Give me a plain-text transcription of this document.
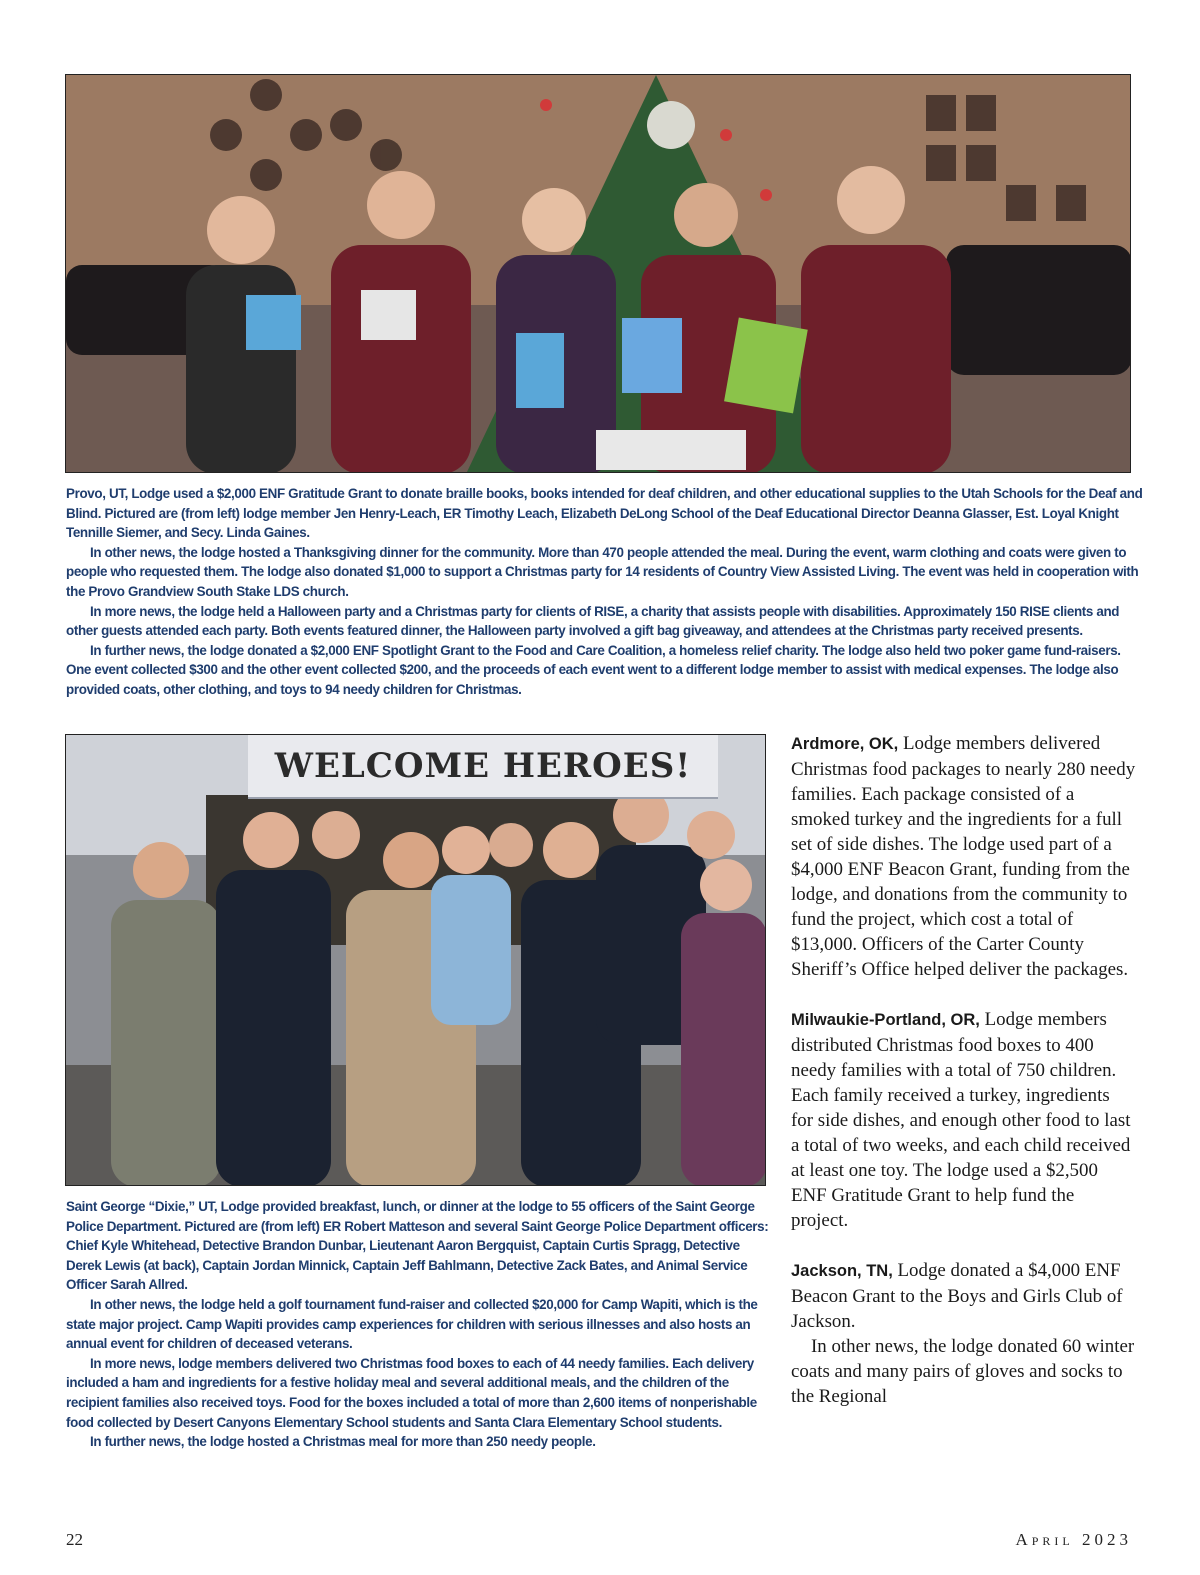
Provo, UT, Lodge used a $2,000 ENF Gratitude Grant to donate braille books, books intended for deaf children, and other educational supplies to the Utah Schools for the Deaf and Blind. Pictured are (from left) lodge member Jen Henry-Leach, ER Timothy Leach, Elizabeth DeLong School of the Deaf Educational Director Deanna Glasser, Est. Loyal Knight Tennille Siemer, and Secy. Linda Gaines.

In other news, the lodge hosted a Thanksgiving dinner for the community. More than 470 people attended the meal. During the event, warm clothing and coats were given to people who requested them. The lodge also donated $1,000 to support a Christmas party for 14 residents of Country View Assisted Living. The event was held in cooperation with the Provo Grandview South Stake LDS church.

In more news, the lodge held a Halloween party and a Christmas party for clients of RISE, a charity that assists people with disabilities. Approximately 150 RISE clients and other guests attended each party. Both events featured dinner, the Halloween party involved a gift bag giveaway, and attendees at the Christmas party received presents.

In further news, the lodge donated a $2,000 ENF Spotlight Grant to the Food and Care Coalition, a homeless relief charity. The lodge also held two poker game fund-raisers. One event collected $300 and the other event collected $200, and the proceeds of each event went to a different lodge member to assist with medical expenses. The lodge also provided coats, other clothing, and toys to 94 needy children for Christmas.

WELCOME HEROES!

Saint George “Dixie,” UT, Lodge provided breakfast, lunch, or dinner at the lodge to 55 officers of the Saint George Police Department. Pictured are (from left) ER Robert Matteson and several Saint George Police Department officers: Chief Kyle Whitehead, Detective Brandon Dunbar, Lieutenant Aaron Bergquist, Captain Curtis Spragg, Detective Derek Lewis (at back), Captain Jordan Minnick, Captain Jeff Bahlmann, Detective Zack Bates, and Animal Service Officer Sarah Allred.

In other news, the lodge held a golf tournament fund-raiser and collected $20,000 for Camp Wapiti, which is the state major project. Camp Wapiti provides camp experiences for children with serious illnesses and also hosts an annual event for children of deceased veterans.

In more news, lodge members delivered two Christmas food boxes to each of 44 needy families. Each delivery included a ham and ingredients for a festive holiday meal and several additional meals, and the children of the recipient families also received toys. Food for the boxes included a total of more than 2,600 items of nonperishable food collected by Desert Canyons Elementary School students and Santa Clara Elementary School students.

In further news, the lodge hosted a Christmas meal for more than 250 needy people.

Ardmore, OK, Lodge members delivered Christmas food packages to nearly 280 needy families. Each package consisted of a smoked turkey and the ingredients for a full set of side dishes. The lodge used part of a $4,000 ENF Beacon Grant, funding from the lodge, and donations from the community to fund the project, which cost a total of $13,000. Officers of the Carter County Sheriff’s Office helped deliver the packages.

Milwaukie-Portland, OR, Lodge members distributed Christmas food boxes to 400 needy families with a total of 750 children. Each family received a turkey, ingredients for side dishes, and enough other food to last a total of two weeks, and each child received at least one toy. The lodge used a $2,500 ENF Gratitude Grant to help fund the project.

Jackson, TN, Lodge donated a $4,000 ENF Beacon Grant to the Boys and Girls Club of Jackson.

In other news, the lodge donated 60 winter coats and many pairs of gloves and socks to the Regional

22	April 2023
